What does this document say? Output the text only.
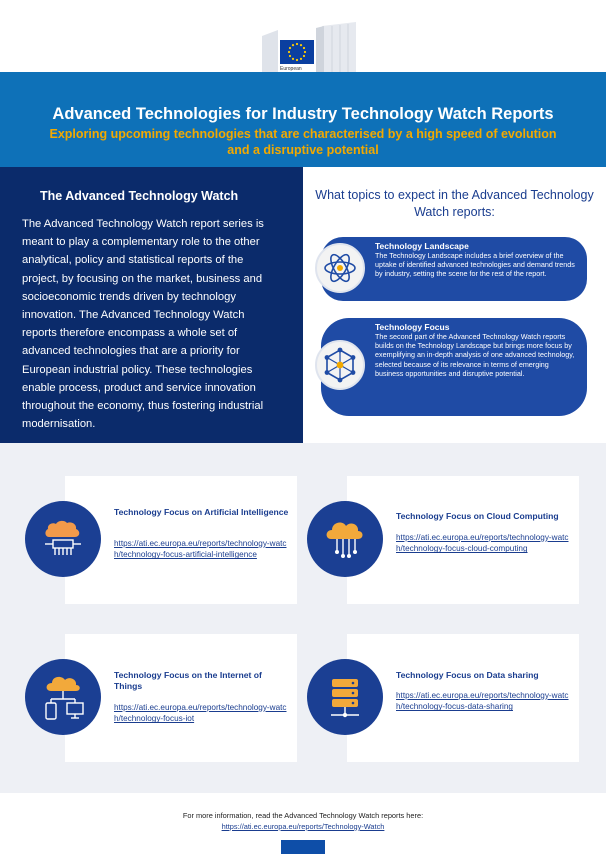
European
Advanced Technologies for Industry Technology Watch Reports
Exploring upcoming technologies that are characterised by a high speed of evolution and a disruptive potential
The Advanced Technology Watch

The Advanced Technology Watch report series is meant to play a complementary role to the other analytical, policy and statistical reports of the project, by focusing on the market, business and socioeconomic trends driven by technology innovation. The Advanced Technology Watch reports therefore encompass a whole set of advanced technologies that are a priority for European industrial policy. These technologies enable process, product and service innovation throughout the economy, thus fostering industrial modernisation.

What topics to expect in the Advanced Technology Watch reports:
Technology Landscape
The Technology Landscape includes a brief overview of the uptake of identified advanced technologies and demand trends by industry, setting the scene for the rest of the report.
Technology Focus
The second part of the Advanced Technology Watch reports builds on the Technology Landscape but brings more focus by exemplifying an in-depth analysis of one advanced technology, selected because of its relevance in terms of emerging business opportunities and disruptive potential.
Technology Focus on Artificial Intelligence
https://ati.ec.europa.eu/reports/technology-watch/technology-focus-artificial-intelligence
Technology Focus on Cloud Computing
https://ati.ec.europa.eu/reports/technology-watch/technology-focus-cloud-computing
Technology Focus on the Internet of Things
https://ati.ec.europa.eu/reports/technology-watch/technology-focus-iot
Technology Focus on Data sharing
https://ati.ec.europa.eu/reports/technology-watch/technology-focus-data-sharing
For more information, read the Advanced Technology Watch reports here:
https://ati.ec.europa.eu/reports/Technology-Watch
